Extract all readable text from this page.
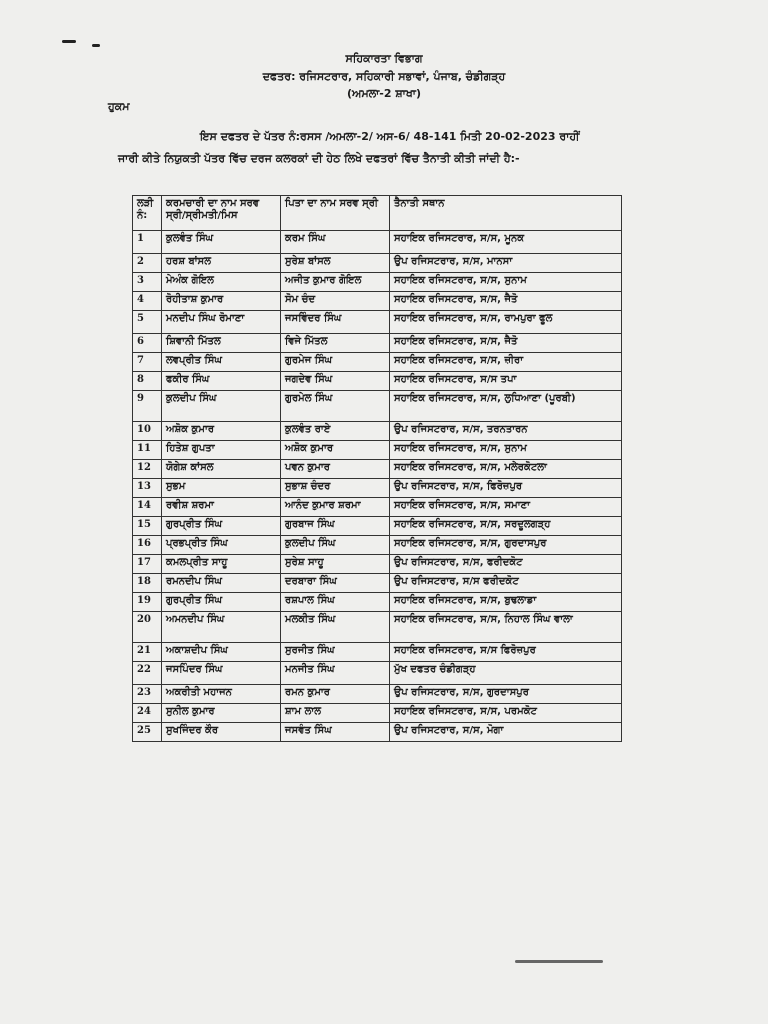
ਸਹਿਕਾਰਤਾ ਵਿਭਾਗ
ਦਫਤਰ: ਰਜਿਸਟਰਾਰ, ਸਹਿਕਾਰੀ ਸਭਾਵਾਂ, ਪੰਜਾਬ, ਚੰਡੀਗੜ੍ਹ
(ਅਮਲਾ-2 ਸ਼ਾਖਾ)
ਹੁਕਮ
ਇਸ ਦਫਤਰ ਦੇ ਪੱਤਰ ਨੰ:ਰਸਸ /ਅਮਲਾ-2/ ਅਸ-6/ 48-141 ਮਿਤੀ 20-02-2023 ਰਾਹੀਂ
ਜਾਰੀ ਕੀਤੇ ਨਿਯੁਕਤੀ ਪੱਤਰ ਵਿੱਚ ਦਰਜ ਕਲਰਕਾਂ ਦੀ ਹੇਠ ਲਿਖੇ ਦਫਤਰਾਂ ਵਿੱਚ ਤੈਨਾਤੀ ਕੀਤੀ ਜਾਂਦੀ ਹੈ:-
ਲੜੀ ਨੰ:	ਕਰਮਚਾਰੀ ਦਾ ਨਾਮ ਸਰਵ ਸ੍ਰੀ/ਸ੍ਰੀਮਤੀ/ਮਿਸ	ਪਿਤਾ ਦਾ ਨਾਮ ਸਰਵ ਸ੍ਰੀ	ਤੈਨਾਤੀ ਸਥਾਨ
1	ਕੁਲਵੰਤ ਸਿੰਘ	ਕਰਮ ਸਿੰਘ	ਸਹਾਇਕ ਰਜਿਸਟਰਾਰ, ਸ/ਸ, ਮੂਨਕ
2	ਹਰਸ਼ ਬਾਂਸਲ	ਸੁਰੇਸ਼ ਬਾਂਸਲ	ਉਪ ਰਜਿਸਟਰਾਰ, ਸ/ਸ, ਮਾਨਸਾ
3	ਮੇਅੰਕ ਗੋਇਲ	ਅਜੀਤ ਕੁਮਾਰ ਗੋਇਲ	ਸਹਾਇਕ ਰਜਿਸਟਰਾਰ, ਸ/ਸ, ਸੁਨਾਮ
4	ਰੋਹੀਤਾਸ਼ ਕੁਮਾਰ	ਸੋਮ ਚੰਦ	ਸਹਾਇਕ ਰਜਿਸਟਰਾਰ, ਸ/ਸ, ਜੈਤੋ
5	ਮਨਦੀਪ ਸਿੰਘ ਰੋਮਾਣਾ	ਜਸਵਿੰਦਰ ਸਿੰਘ	ਸਹਾਇਕ ਰਜਿਸਟਰਾਰ, ਸ/ਸ, ਰਾਮਪੁਰਾ ਫੂਲ
6	ਸ਼ਿਵਾਨੀ ਮਿੱਤਲ	ਵਿਜੇ ਮਿੱਤਲ	ਸਹਾਇਕ ਰਜਿਸਟਰਾਰ, ਸ/ਸ, ਜੈਤੋ
7	ਲਵਪ੍ਰੀਤ ਸਿੰਘ	ਗੁਰਮੇਜ ਸਿੰਘ	ਸਹਾਇਕ ਰਜਿਸਟਰਾਰ, ਸ/ਸ, ਜ਼ੀਰਾ
8	ਫਕੀਰ ਸਿੰਘ	ਜਗਦੇਵ ਸਿੰਘ	ਸਹਾਇਕ ਰਜਿਸਟਰਾਰ, ਸ/ਸ ਤਪਾ
9	ਕੁਲਦੀਪ ਸਿੰਘ	ਗੁਰਮੇਲ ਸਿੰਘ	ਸਹਾਇਕ ਰਜਿਸਟਰਾਰ, ਸ/ਸ, ਲੁਧਿਆਣਾ (ਪੂਰਬੀ)
10	ਅਸ਼ੋਕ ਕੁਮਾਰ	ਕੁਲਵੰਤ ਰਾਏ	ਉਪ ਰਜਿਸਟਰਾਰ, ਸ/ਸ, ਤਰਨਤਾਰਨ
11	ਹਿਤੇਸ਼ ਗੁਪਤਾ	ਅਸ਼ੋਕ ਕੁਮਾਰ	ਸਹਾਇਕ ਰਜਿਸਟਰਾਰ, ਸ/ਸ, ਸੁਨਾਮ
12	ਯੋਗੇਸ਼ ਕਾਂਸਲ	ਪਵਨ ਕੁਮਾਰ	ਸਹਾਇਕ ਰਜਿਸਟਰਾਰ, ਸ/ਸ, ਮਲੇਰਕੋਟਲਾ
13	ਸੁਭਮ	ਸੁਭਾਸ਼ ਚੰਦਰ	ਉਪ ਰਜਿਸਟਰਾਰ, ਸ/ਸ, ਫਿਰੋਜ਼ਪੁਰ
14	ਰਵੀਸ਼ ਸ਼ਰਮਾ	ਆਨੰਦ ਕੁਮਾਰ ਸ਼ਰਮਾ	ਸਹਾਇਕ ਰਜਿਸਟਰਾਰ, ਸ/ਸ, ਸਮਾਣਾ
15	ਗੁਰਪ੍ਰੀਤ ਸਿੰਘ	ਗੁਰਬਾਜ ਸਿੰਘ	ਸਹਾਇਕ ਰਜਿਸਟਰਾਰ, ਸ/ਸ, ਸਰਦੂਲਗੜ੍ਹ
16	ਪ੍ਰਭਪ੍ਰੀਤ ਸਿੰਘ	ਕੁਲਦੀਪ ਸਿੰਘ	ਸਹਾਇਕ ਰਜਿਸਟਰਾਰ, ਸ/ਸ, ਗੁਰਦਾਸਪੁਰ
17	ਕਮਲਪ੍ਰੀਤ ਸਾਹੂ	ਸੁਰੇਸ਼ ਸਾਹੂ	ਉਪ ਰਜਿਸਟਰਾਰ, ਸ/ਸ, ਫਰੀਦਕੋਟ
18	ਰਮਨਦੀਪ ਸਿੰਘ	ਦਰਬਾਰਾ ਸਿੰਘ	ਉਪ ਰਜਿਸਟਰਾਰ, ਸ/ਸ ਫਰੀਦਕੋਟ
19	ਗੁਰਪ੍ਰੀਤ ਸਿੰਘ	ਰਸ਼ਪਾਲ ਸਿੰਘ	ਸਹਾਇਕ ਰਜਿਸਟਰਾਰ, ਸ/ਸ, ਬੁਢਲਾਡਾ
20	ਅਮਨਦੀਪ ਸਿੰਘ	ਮਲਕੀਤ ਸਿੰਘ	ਸਹਾਇਕ ਰਜਿਸਟਰਾਰ, ਸ/ਸ, ਨਿਹਾਲ ਸਿੰਘ ਵਾਲਾ
21	ਅਕਾਸ਼ਦੀਪ ਸਿੰਘ	ਸੁਰਜੀਤ ਸਿੰਘ	ਸਹਾਇਕ ਰਜਿਸਟਰਾਰ, ਸ/ਸ ਫਿਰੋਜ਼ਪੁਰ
22	ਜਸਪਿੰਦਰ ਸਿੰਘ	ਮਨਜੀਤ ਸਿੰਘ	ਮੁੱਖ ਦਫਤਰ ਚੰਡੀਗੜ੍ਹ
23	ਅਕਰੀਤੀ ਮਹਾਜਨ	ਰਮਨ ਕੁਮਾਰ	ਉਪ ਰਜਿਸਟਰਾਰ, ਸ/ਸ, ਗੁਰਦਾਸਪੁਰ
24	ਸੁਨੀਲ ਕੁਮਾਰ	ਸ਼ਾਮ ਲਾਲ	ਸਹਾਇਕ ਰਜਿਸਟਰਾਰ, ਸ/ਸ, ਪਰਮਕੋਟ
25	ਸੁਖਜਿੰਦਰ ਕੌਰ	ਜਸਵੰਤ ਸਿੰਘ	ਉਪ ਰਜਿਸਟਰਾਰ, ਸ/ਸ, ਮੋਗਾ
